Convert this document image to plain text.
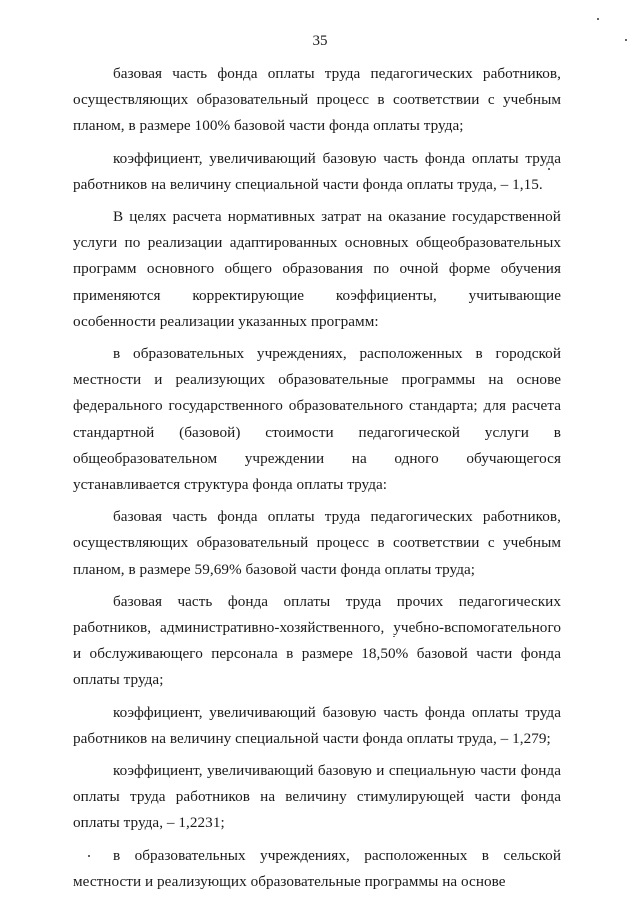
35

базовая часть фонда оплаты труда педагогических работников, осуществляющих образовательный процесс в соответствии с учебным планом, в размере 100% базовой части фонда оплаты труда;

коэффициент, увеличивающий базовую часть фонда оплаты труда работников на величину специальной части фонда оплаты труда, – 1,15.

В целях расчета нормативных затрат на оказание государственной услуги по реализации адаптированных основных общеобразовательных программ основного общего образования по очной форме обучения применяются корректирующие коэффициенты, учитывающие особенности реализации указанных программ:

в образовательных учреждениях, расположенных в городской местности и реализующих образовательные программы на основе федерального государственного образовательного стандарта; для расчета стандартной (базовой) стоимости педагогической услуги в общеобразовательном учреждении на одного обучающегося устанавливается структура фонда оплаты труда:

базовая часть фонда оплаты труда педагогических работников, осуществляющих образовательный процесс в соответствии с учебным планом, в размере 59,69% базовой части фонда оплаты труда;

базовая часть фонда оплаты труда прочих педагогических работников, административно-хозяйственного, учебно-вспомогательного и обслуживающего персонала в размере 18,50% базовой части фонда оплаты труда;

коэффициент, увеличивающий базовую часть фонда оплаты труда работников на величину специальной части фонда оплаты труда, – 1,279;

коэффициент, увеличивающий базовую и специальную части фонда оплаты труда работников на величину стимулирующей части фонда оплаты труда, – 1,2231;

в образовательных учреждениях, расположенных в сельской местности и реализующих образовательные программы на основе
